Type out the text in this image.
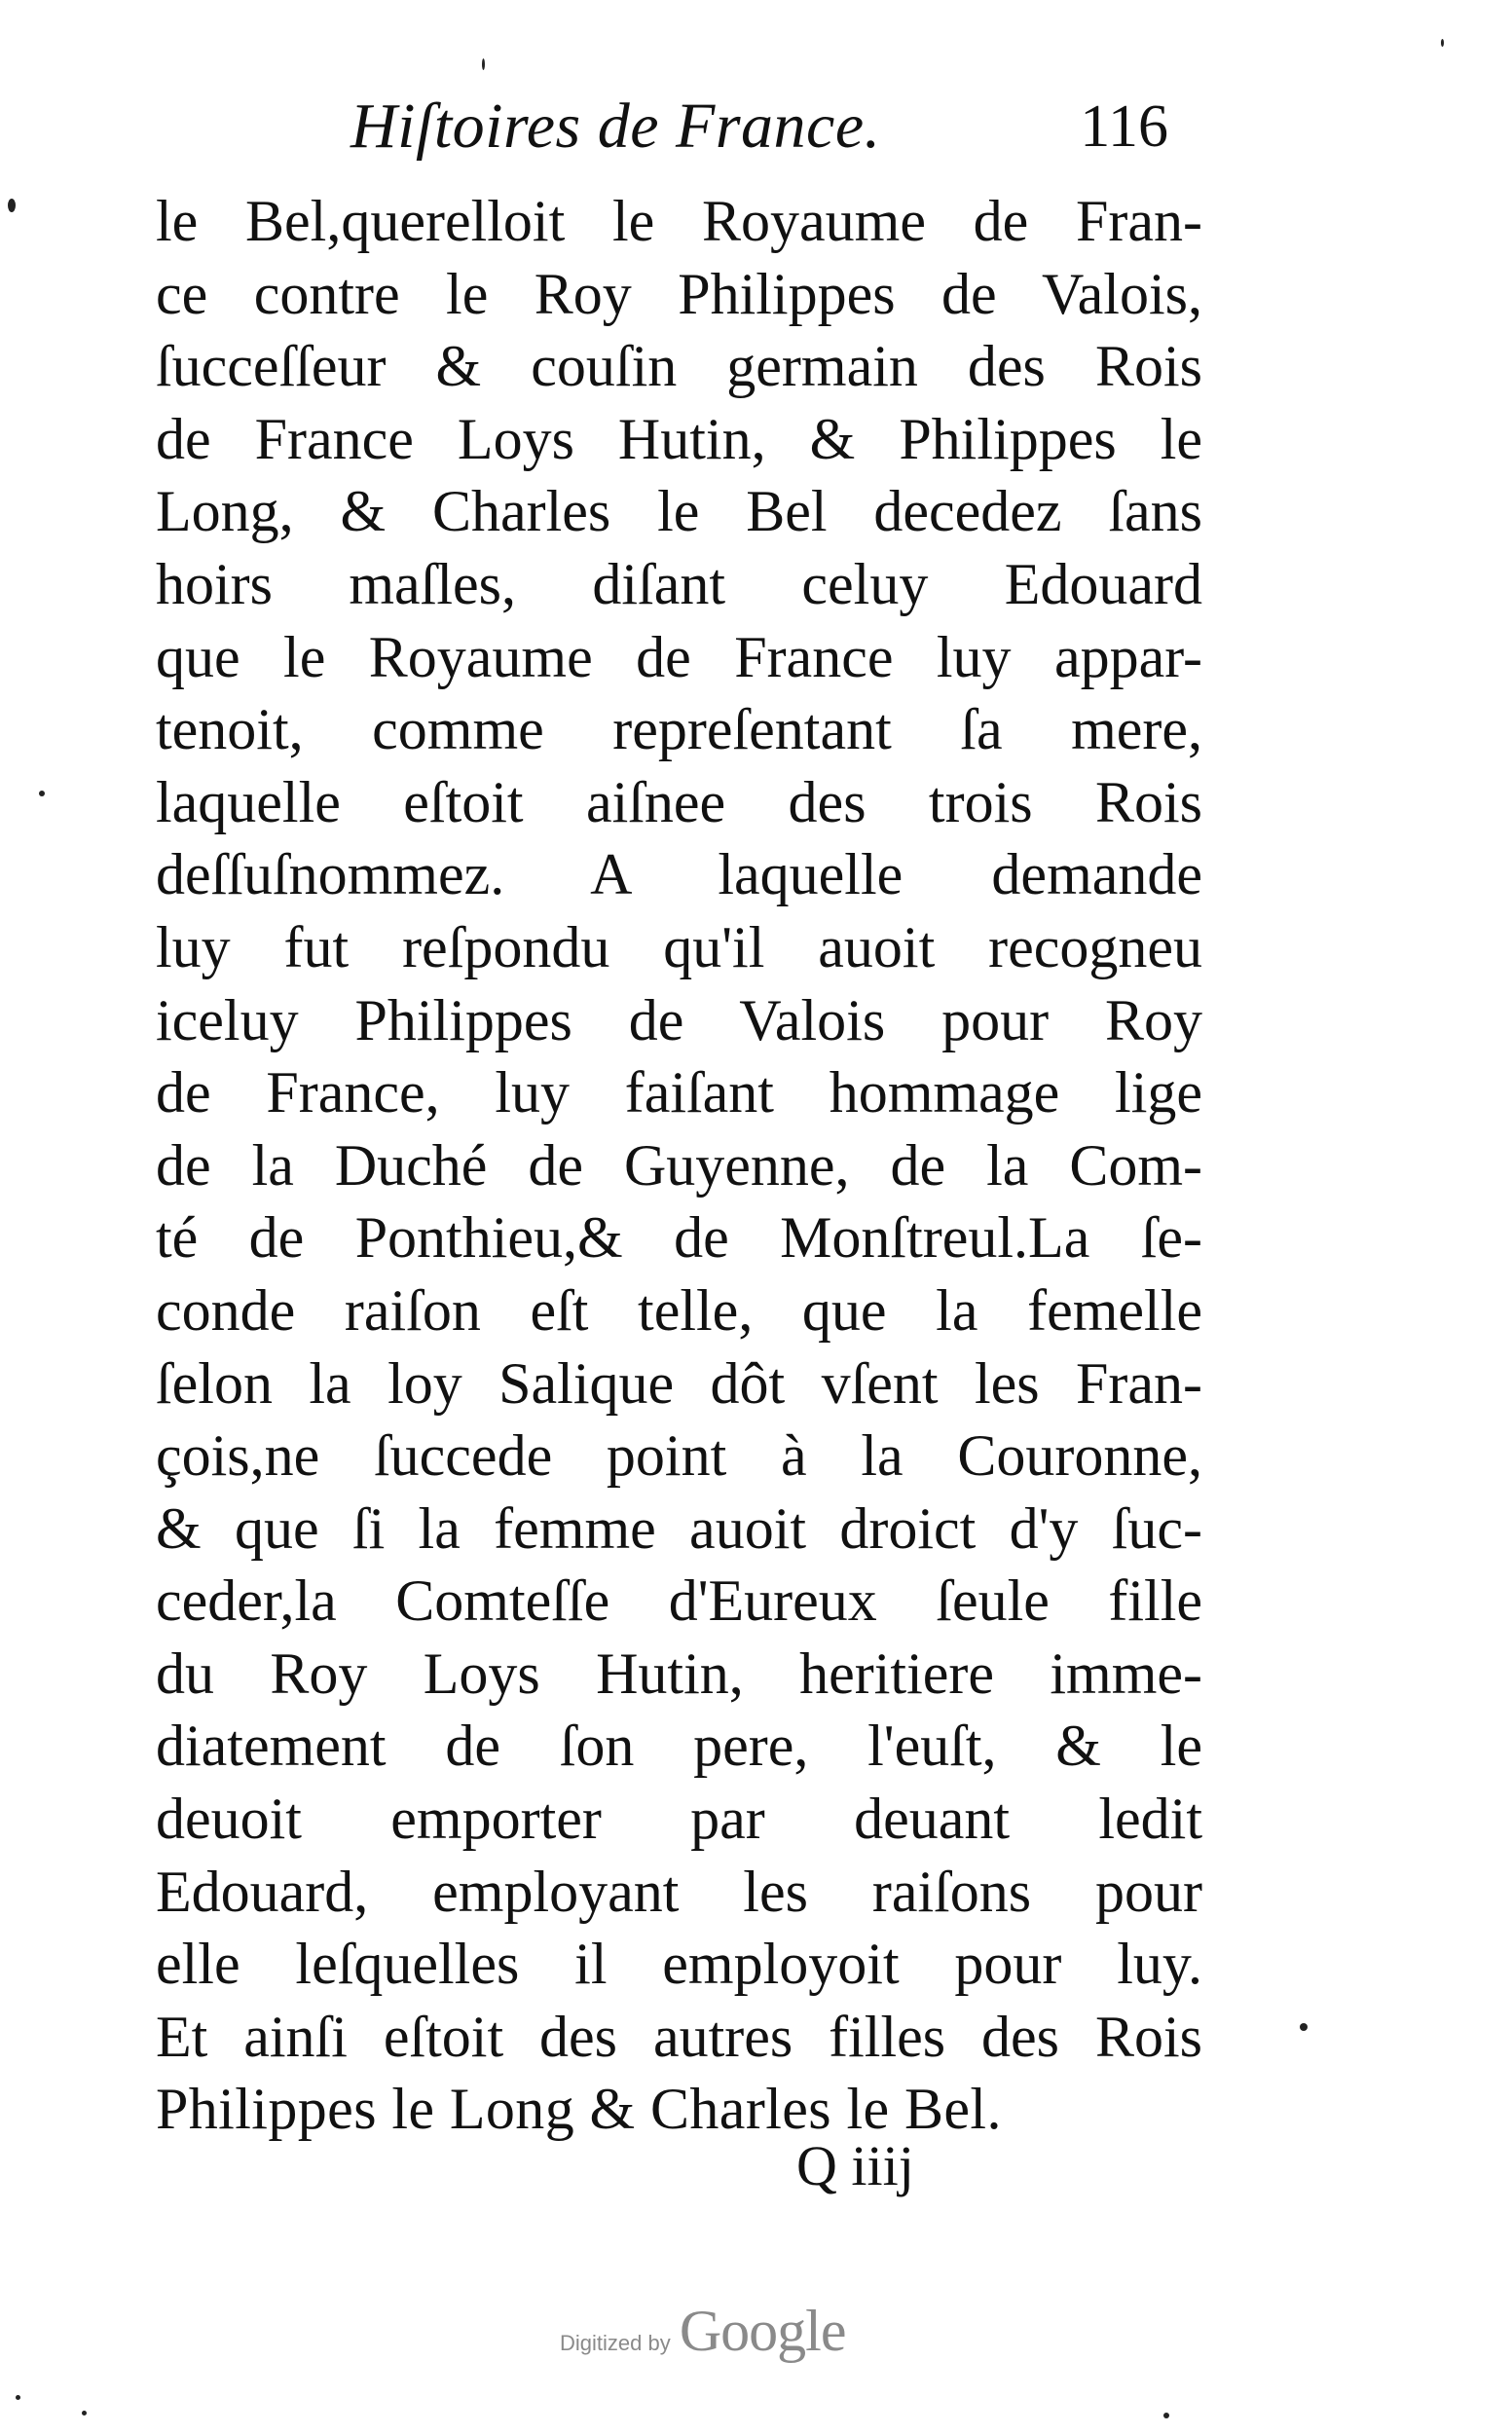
Hiſtoires de France.	116
le Bel,querelloit le Royaume de Fran-
ce contre le Roy Philippes de Valois,
ſucceſſeur & couſin germain des Rois
de France Loys Hutin, & Philippes le
Long, & Charles le Bel decedez ſans
hoirs maſles, diſant celuy Edouard
que le Royaume de France luy appar-
tenoit, comme repreſentant ſa mere,
laquelle eſtoit aiſnee des trois Rois
deſſuſnommez. A laquelle demande
luy fut reſpondu qu'il auoit recogneu
iceluy Philippes de Valois pour Roy
de France, luy faiſant hommage lige
de la Duché de Guyenne, de la Com-
té de Ponthieu,& de Monſtreul.La ſe-
conde raiſon eſt telle, que la femelle
ſelon la loy Salique dôt vſent les Fran-
çois,ne ſuccede point à la Couronne,
& que ſi la femme auoit droict d'y ſuc-
ceder,la Comteſſe d'Eureux ſeule fille
du Roy Loys Hutin, heritiere imme-
diatement de ſon pere, l'euſt, & le
deuoit emporter par deuant ledit
Edouard, employant les raiſons pour
elle leſquelles il employoit pour luy.
Et ainſi eſtoit des autres filles des Rois
Philippes le Long & Charles le Bel.
Q iiij
Digitized by Google
